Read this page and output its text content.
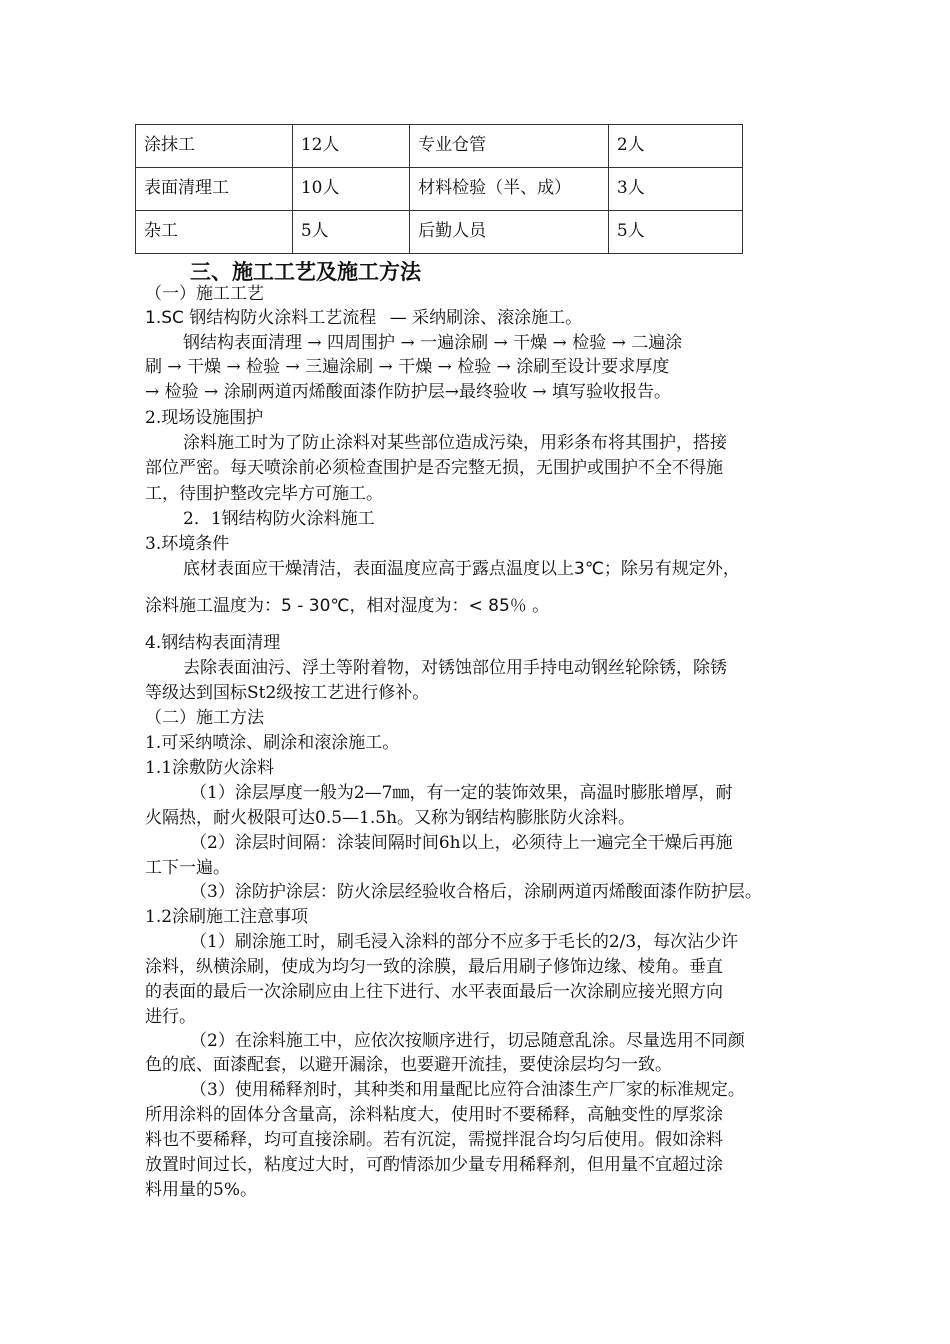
涂抹工	12人	专业仓管	2人
表面清理工	10人	材料检验（半、成）	3人
杂工	5人	后勤人员	5人
三、施工工艺及施工方法
（一）施工工艺
1.SC 钢结构防火涂料工艺流程 — 采纳刷涂、滚涂施工。
钢结构表面清理 → 四周围护 → 一遍涂刷 → 干燥 → 检验 → 二遍涂
刷 → 干燥 → 检验 → 三遍涂刷 → 干燥 → 检验 → 涂刷至设计要求厚度
→ 检验 → 涂刷两道丙烯酸面漆作防护层→最终验收 → 填写验收报告。
2.现场设施围护
涂料施工时为了防止涂料对某些部位造成污染，用彩条布将其围护，搭接
部位严密。每天喷涂前必须检查围护是否完整无损，无围护或围护不全不得施
工，待围护整改完毕方可施工。
2．1钢结构防火涂料施工
3.环境条件
底材表面应干燥清洁，表面温度应高于露点温度以上3℃；除另有规定外，
涂料施工温度为：5 - 30℃，相对湿度为：< 85％ 。
4.钢结构表面清理
去除表面油污、浮土等附着物，对锈蚀部位用手持电动钢丝轮除锈，除锈
等级达到国标St2级按工艺进行修补。
（二）施工方法
1.可采纳喷涂、刷涂和滚涂施工。
1.1涂敷防火涂料
（1）涂层厚度一般为2—7㎜，有一定的装饰效果，高温时膨胀增厚，耐
火隔热，耐火极限可达0.5—1.5h。又称为钢结构膨胀防火涂料。
（2）涂层时间隔：涂装间隔时间6h以上，必须待上一遍完全干燥后再施
工下一遍。
（3）涂防护涂层：防火涂层经验收合格后，涂刷两道丙烯酸面漆作防护层。
1.2涂刷施工注意事项
（1）刷涂施工时，刷毛浸入涂料的部分不应多于毛长的2/3，每次沾少许
涂料，纵横涂刷，使成为均匀一致的涂膜，最后用刷子修饰边缘、棱角。垂直
的表面的最后一次涂刷应由上往下进行、水平表面最后一次涂刷应接光照方向
进行。
（2）在涂料施工中，应依次按顺序进行，切忌随意乱涂。尽量选用不同颜
色的底、面漆配套，以避开漏涂，也要避开流挂，要使涂层均匀一致。
（3）使用稀释剂时，其种类和用量配比应符合油漆生产厂家的标准规定。
所用涂料的固体分含量高，涂料粘度大，使用时不要稀释，高触变性的厚浆涂
料也不要稀释，均可直接涂刷。若有沉淀，需搅拌混合均匀后使用。假如涂料
放置时间过长，粘度过大时，可酌情添加少量专用稀释剂，但用量不宜超过涂
料用量的5%。
